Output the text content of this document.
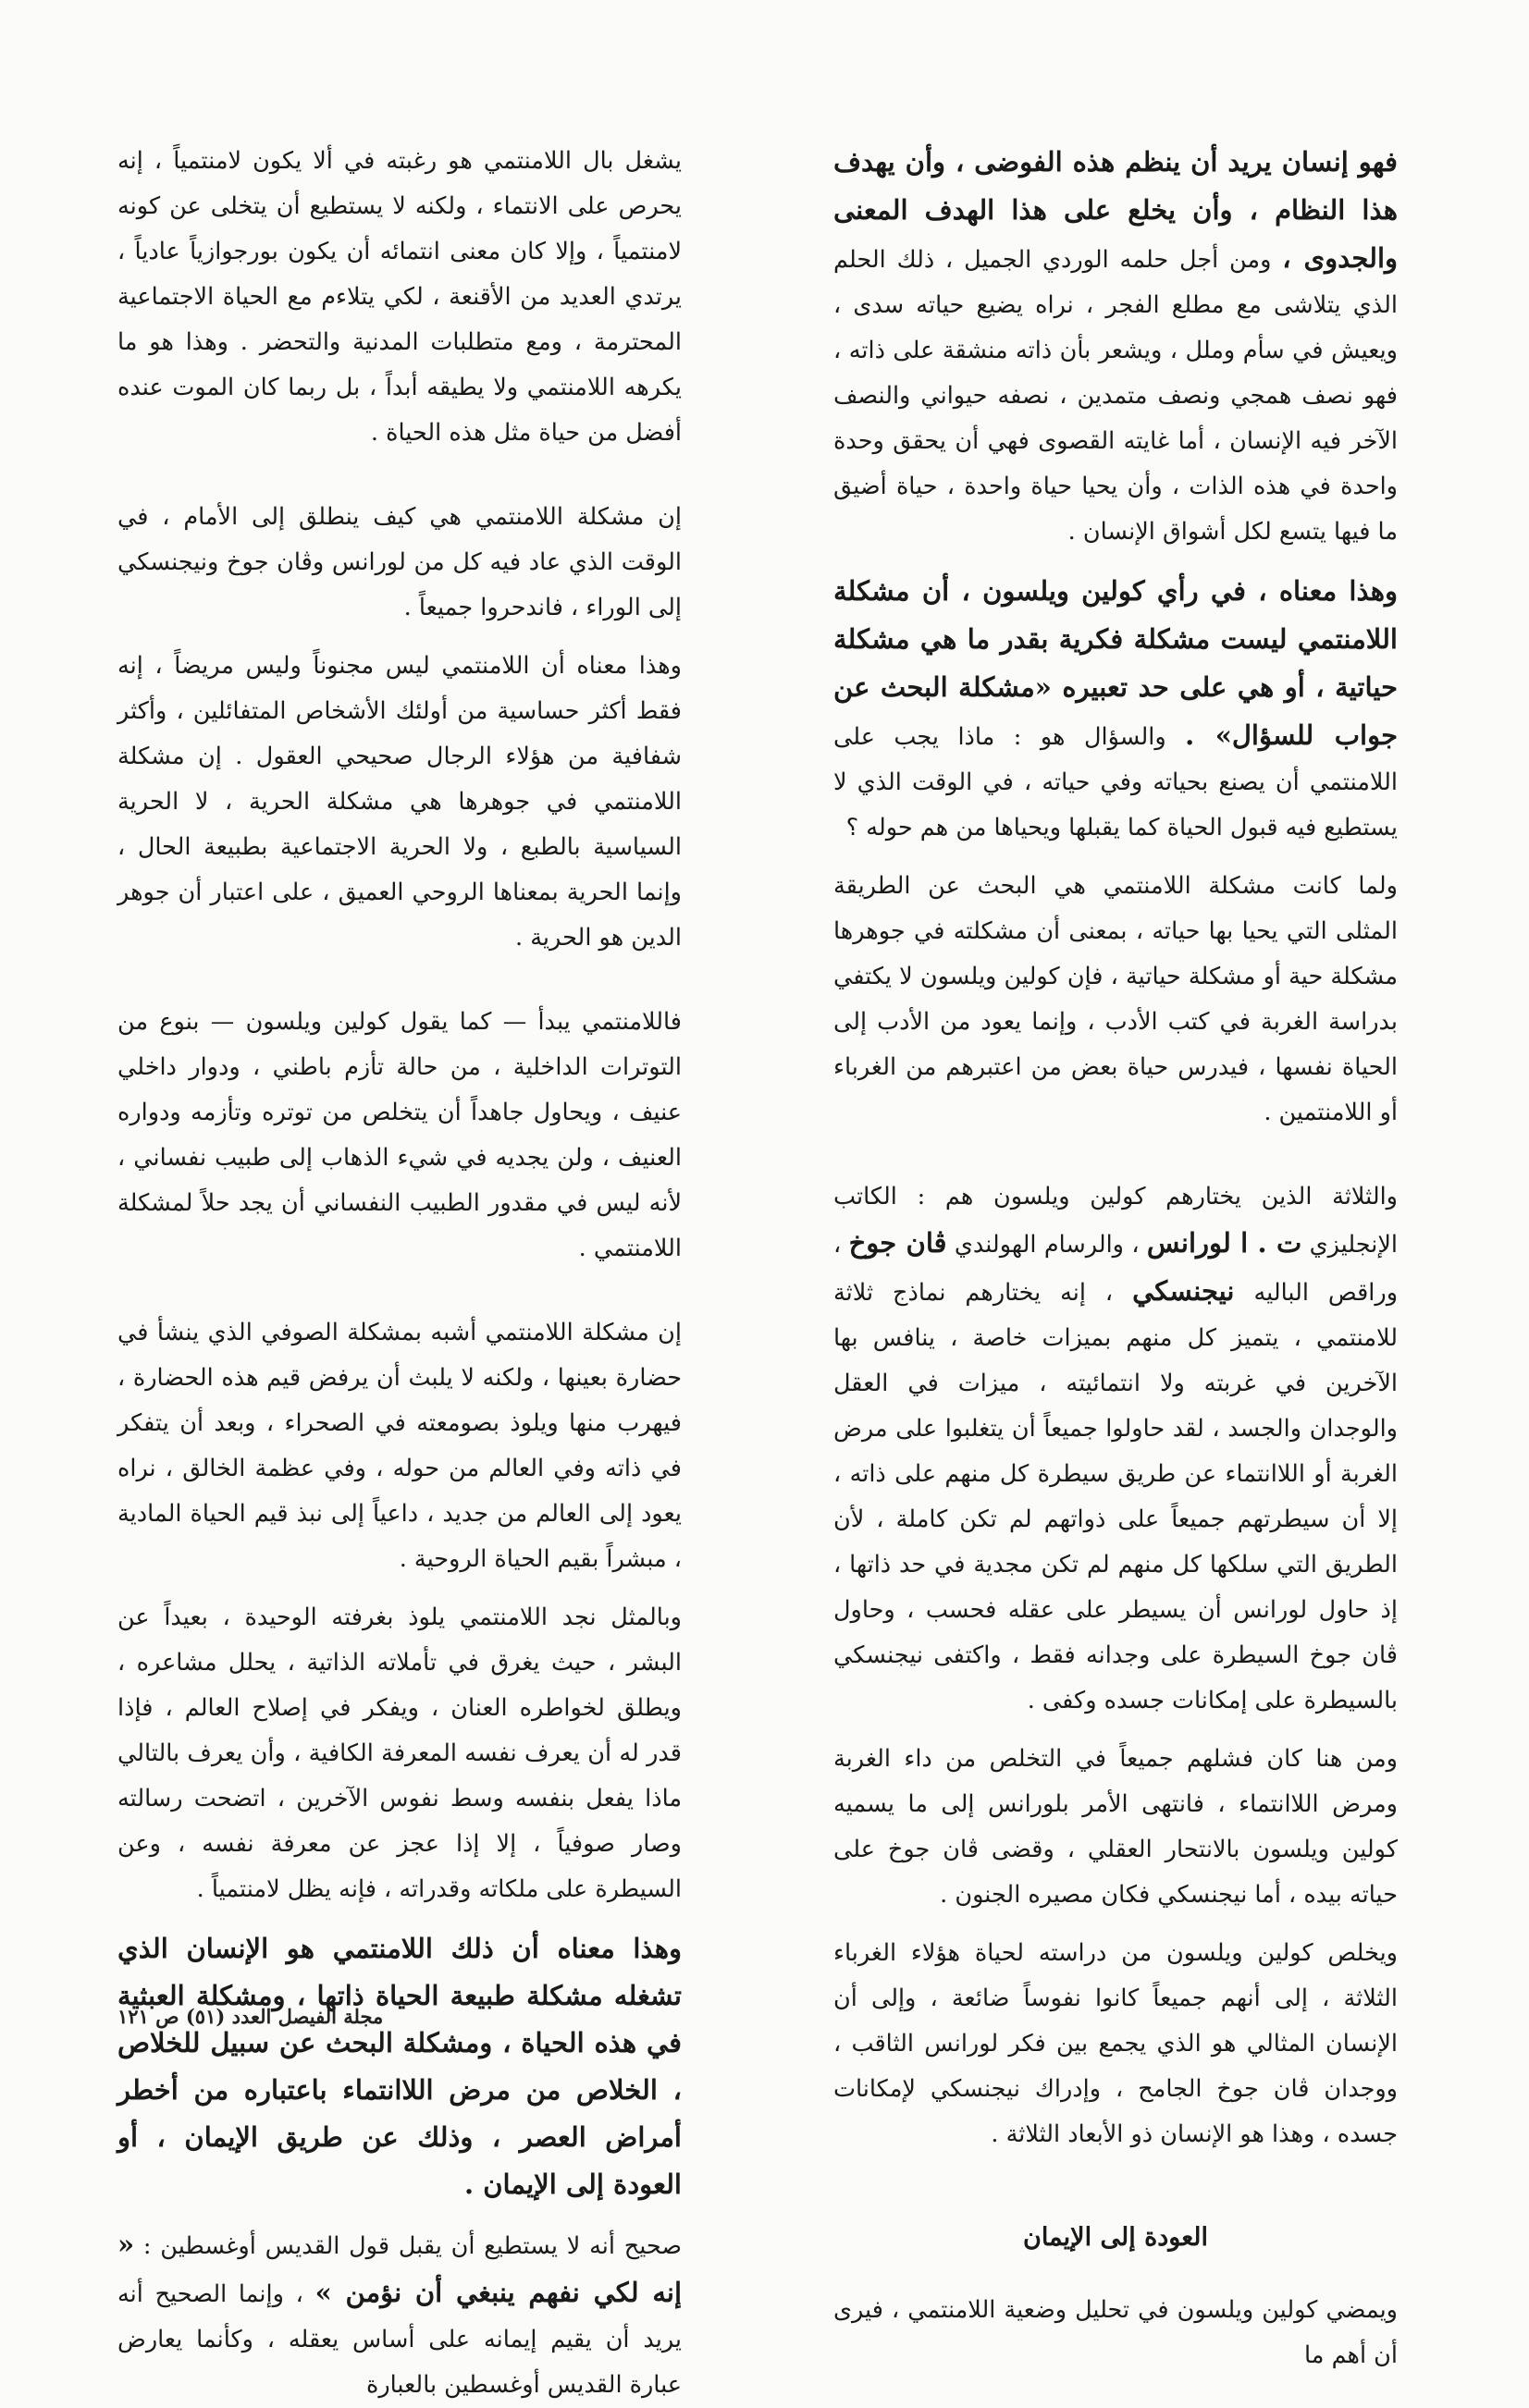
فهو إنسان يريد أن ينظم هذه الفوضى ، وأن يهدف هذا النظام ، وأن يخلع على هذا الهدف المعنى والجدوى ، ومن أجل حلمه الوردي الجميل ، ذلك الحلم الذي يتلاشى مع مطلع الفجر ، نراه يضيع حياته سدى ، ويعيش في سأم وملل ، ويشعر بأن ذاته منشقة على ذاته ، فهو نصف همجي ونصف متمدين ، نصفه حيواني والنصف الآخر فيه الإنسان ، أما غايته القصوى فهي أن يحقق وحدة واحدة في هذه الذات ، وأن يحيا حياة واحدة ، حياة أضيق ما فيها يتسع لكل أشواق الإنسان .

وهذا معناه ، في رأي كولين ويلسون ، أن مشكلة اللامنتمي ليست مشكلة فكرية بقدر ما هي مشكلة حياتية ، أو هي على حد تعبيره «مشكلة البحث عن جواب للسؤال» . والسؤال هو : ماذا يجب على اللامنتمي أن يصنع بحياته وفي حياته ، في الوقت الذي لا يستطيع فيه قبول الحياة كما يقبلها ويحياها من هم حوله ؟

ولما كانت مشكلة اللامنتمي هي البحث عن الطريقة المثلى التي يحيا بها حياته ، بمعنى أن مشكلته في جوهرها مشكلة حية أو مشكلة حياتية ، فإن كولين ويلسون لا يكتفي بدراسة الغربة في كتب الأدب ، وإنما يعود من الأدب إلى الحياة نفسها ، فيدرس حياة بعض من اعتبرهم من الغرباء أو اللامنتمين .

والثلاثة الذين يختارهم كولين ويلسون هم : الكاتب الإنجليزي ت . ا لورانس ، والرسام الهولندي ڤان جوخ ، وراقص الباليه نيجنسكي ، إنه يختارهم نماذج ثلاثة للامنتمي ، يتميز كل منهم بميزات خاصة ، ينافس بها الآخرين في غربته ولا انتمائيته ، ميزات في العقل والوجدان والجسد ، لقد حاولوا جميعاً أن يتغلبوا على مرض الغربة أو اللاانتماء عن طريق سيطرة كل منهم على ذاته ، إلا أن سيطرتهم جميعاً على ذواتهم لم تكن كاملة ، لأن الطريق التي سلكها كل منهم لم تكن مجدية في حد ذاتها ، إذ حاول لورانس أن يسيطر على عقله فحسب ، وحاول ڤان جوخ السيطرة على وجدانه فقط ، واكتفى نيجنسكي بالسيطرة على إمكانات جسده وكفى .

ومن هنا كان فشلهم جميعاً في التخلص من داء الغربة ومرض اللاانتماء ، فانتهى الأمر بلورانس إلى ما يسميه كولين ويلسون بالانتحار العقلي ، وقضى ڤان جوخ على حياته بيده ، أما نيجنسكي فكان مصيره الجنون .

ويخلص كولين ويلسون من دراسته لحياة هؤلاء الغرباء الثلاثة ، إلى أنهم جميعاً كانوا نفوساً ضائعة ، وإلى أن الإنسان المثالي هو الذي يجمع بين فكر لورانس الثاقب ، ووجدان ڤان جوخ الجامح ، وإدراك نيجنسكي لإمكانات جسده ، وهذا هو الإنسان ذو الأبعاد الثلاثة .

العودة إلى الإيمان

ويمضي كولين ويلسون في تحليل وضعية اللامنتمي ، فيرى أن أهم ما

يشغل بال اللامنتمي هو رغبته في ألا يكون لامنتمياً ، إنه يحرص على الانتماء ، ولكنه لا يستطيع أن يتخلى عن كونه لامنتمياً ، وإلا كان معنى انتمائه أن يكون بورجوازياً عادياً ، يرتدي العديد من الأقنعة ، لكي يتلاءم مع الحياة الاجتماعية المحترمة ، ومع متطلبات المدنية والتحضر . وهذا هو ما يكرهه اللامنتمي ولا يطيقه أبداً ، بل ربما كان الموت عنده أفضل من حياة مثل هذه الحياة .

إن مشكلة اللامنتمي هي كيف ينطلق إلى الأمام ، في الوقت الذي عاد فيه كل من لورانس وڤان جوخ ونيجنسكي إلى الوراء ، فاندحروا جميعاً .

وهذا معناه أن اللامنتمي ليس مجنوناً وليس مريضاً ، إنه فقط أكثر حساسية من أولئك الأشخاص المتفائلين ، وأكثر شفافية من هؤلاء الرجال صحيحي العقول . إن مشكلة اللامنتمي في جوهرها هي مشكلة الحرية ، لا الحرية السياسية بالطبع ، ولا الحرية الاجتماعية بطبيعة الحال ، وإنما الحرية بمعناها الروحي العميق ، على اعتبار أن جوهر الدين هو الحرية .

فاللامنتمي يبدأ — كما يقول كولين ويلسون — بنوع من التوترات الداخلية ، من حالة تأزم باطني ، ودوار داخلي عنيف ، ويحاول جاهداً أن يتخلص من توتره وتأزمه ودواره العنيف ، ولن يجديه في شيء الذهاب إلى طبيب نفساني ، لأنه ليس في مقدور الطبيب النفساني أن يجد حلاً لمشكلة اللامنتمي .

إن مشكلة اللامنتمي أشبه بمشكلة الصوفي الذي ينشأ في حضارة بعينها ، ولكنه لا يلبث أن يرفض قيم هذه الحضارة ، فيهرب منها ويلوذ بصومعته في الصحراء ، وبعد أن يتفكر في ذاته وفي العالم من حوله ، وفي عظمة الخالق ، نراه يعود إلى العالم من جديد ، داعياً إلى نبذ قيم الحياة المادية ، مبشراً بقيم الحياة الروحية .

وبالمثل نجد اللامنتمي يلوذ بغرفته الوحيدة ، بعيداً عن البشر ، حيث يغرق في تأملاته الذاتية ، يحلل مشاعره ، ويطلق لخواطره العنان ، ويفكر في إصلاح العالم ، فإذا قدر له أن يعرف نفسه المعرفة الكافية ، وأن يعرف بالتالي ماذا يفعل بنفسه وسط نفوس الآخرين ، اتضحت رسالته وصار صوفياً ، إلا إذا عجز عن معرفة نفسه ، وعن السيطرة على ملكاته وقدراته ، فإنه يظل لامنتمياً .

وهذا معناه أن ذلك اللامنتمي هو الإنسان الذي تشغله مشكلة طبيعة الحياة ذاتها ، ومشكلة العبثية في هذه الحياة ، ومشكلة البحث عن سبيل للخلاص ، الخلاص من مرض اللاانتماء باعتباره من أخطر أمراض العصر ، وذلك عن طريق الإيمان ، أو العودة إلى الإيمان .

صحيح أنه لا يستطيع أن يقبل قول القديس أوغسطين : « إنه لكي نفهم ينبغي أن نؤمن » ، وإنما الصحيح أنه يريد أن يقيم إيمانه على أساس يعقله ، وكأنما يعارض عبارة القديس أوغسطين بالعبارة

مجلة الفيصل العدد (٥١) ص ١٢١
